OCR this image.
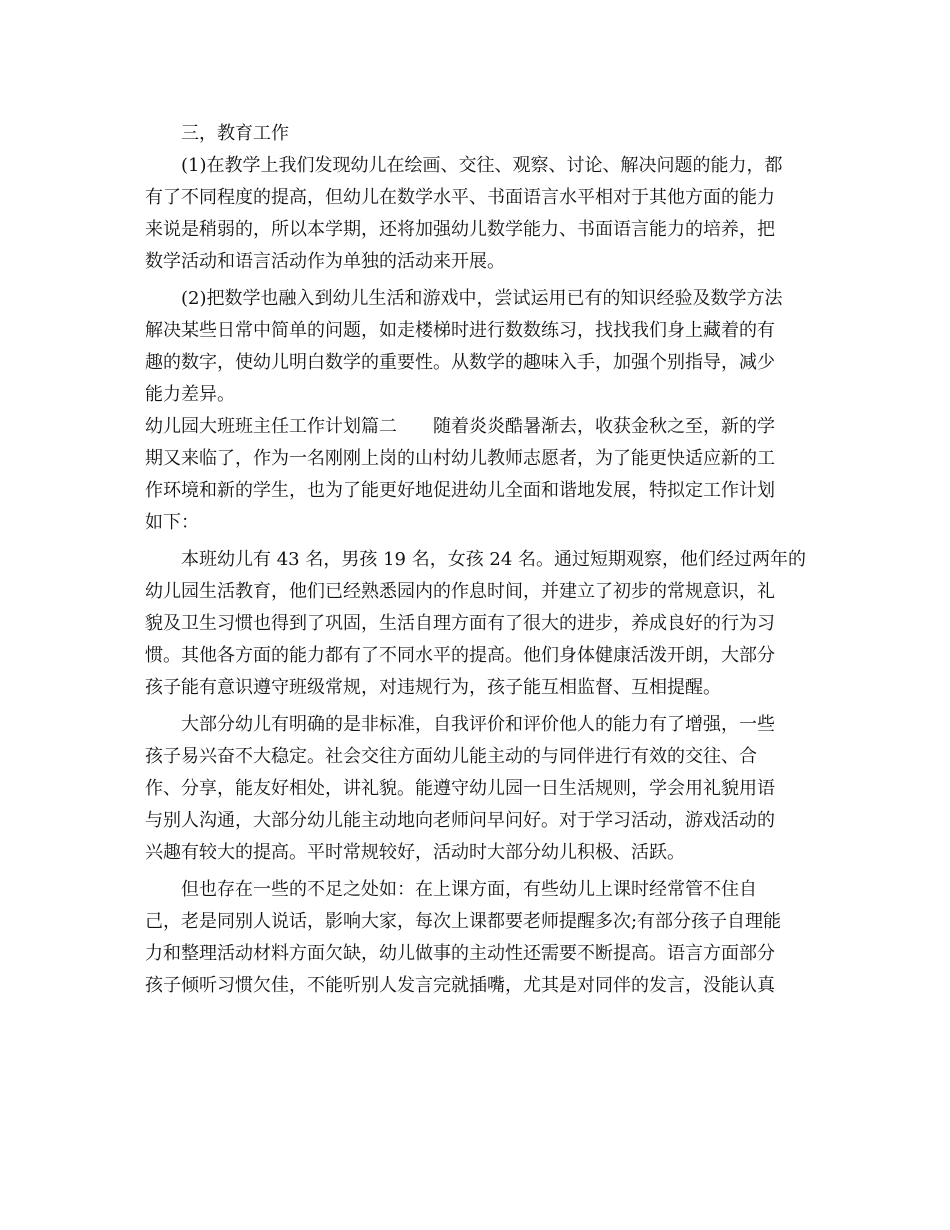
三，教育工作
(1)在教学上我们发现幼儿在绘画、交往、观察、讨论、解决问题的能力，都
有了不同程度的提高，但幼儿在数学水平、书面语言水平相对于其他方面的能力
来说是稍弱的，所以本学期，还将加强幼儿数学能力、书面语言能力的培养，把
数学活动和语言活动作为单独的活动来开展。
(2)把数学也融入到幼儿生活和游戏中，尝试运用已有的知识经验及数学方法
解决某些日常中简单的问题，如走楼梯时进行数数练习，找找我们身上藏着的有
趣的数字，使幼儿明白数学的重要性。从数学的趣味入手，加强个别指导，减少
能力差异。
幼儿园大班班主任工作计划篇二　　随着炎炎酷暑渐去，收获金秋之至，新的学
期又来临了，作为一名刚刚上岗的山村幼儿教师志愿者，为了能更快适应新的工
作环境和新的学生，也为了能更好地促进幼儿全面和谐地发展，特拟定工作计划
如下：
本班幼儿有 43 名，男孩 19 名，女孩 24 名。通过短期观察，他们经过两年的
幼儿园生活教育，他们已经熟悉园内的作息时间，并建立了初步的常规意识，礼
貌及卫生习惯也得到了巩固，生活自理方面有了很大的进步，养成良好的行为习
惯。其他各方面的能力都有了不同水平的提高。他们身体健康活泼开朗，大部分
孩子能有意识遵守班级常规，对违规行为，孩子能互相监督、互相提醒。
大部分幼儿有明确的是非标准，自我评价和评价他人的能力有了增强，一些
孩子易兴奋不大稳定。社会交往方面幼儿能主动的与同伴进行有效的交往、合
作、分享，能友好相处，讲礼貌。能遵守幼儿园一日生活规则，学会用礼貌用语
与别人沟通，大部分幼儿能主动地向老师问早问好。对于学习活动，游戏活动的
兴趣有较大的提高。平时常规较好，活动时大部分幼儿积极、活跃。
但也存在一些的不足之处如：在上课方面，有些幼儿上课时经常管不住自
己，老是同别人说话，影响大家，每次上课都要老师提醒多次;有部分孩子自理能
力和整理活动材料方面欠缺，幼儿做事的主动性还需要不断提高。语言方面部分
孩子倾听习惯欠佳，不能听别人发言完就插嘴，尤其是对同伴的发言，没能认真
